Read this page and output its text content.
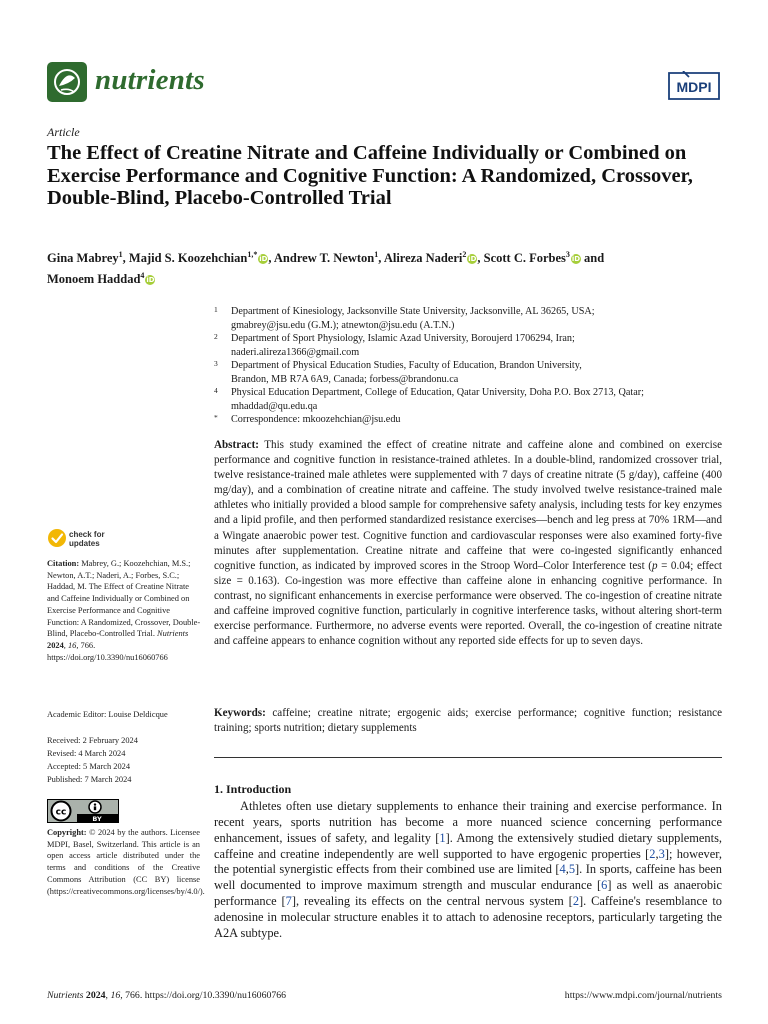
nutrients	MDPI
Article
The Effect of Creatine Nitrate and Caffeine Individually or Combined on Exercise Performance and Cognitive Function: A Randomized, Crossover, Double-Blind, Placebo-Controlled Trial
Gina Mabrey$^1$, Majid S. Koozehchian$^{1,*}$iD, Andrew T. Newton$^1$, Alireza Naderi$^2$iD, Scott C. Forbes$^3$iD and
Monoem Haddad$^4$iD
1 Department of Kinesiology, Jacksonville State University, Jacksonville, AL 36265, USA;
gmabrey@jsu.edu (G.M.); atnewton@jsu.edu (A.T.N.)
2 Department of Sport Physiology, Islamic Azad University, Boroujerd 1706294, Iran;
naderi.alireza1366@gmail.com
3 Department of Physical Education Studies, Faculty of Education, Brandon University,
Brandon, MB R7A 6A9, Canada; forbess@brandonu.ca
4 Physical Education Department, College of Education, Qatar University, Doha P.O. Box 2713, Qatar;
mhaddad@qu.edu.qa
* Correspondence: mkoozehchian@jsu.edu
check for
updates
Citation: Mabrey, G.; Koozehchian, M.S.; Newton, A.T.; Naderi, A.; Forbes, S.C.; Haddad, M. The Effect of Creatine Nitrate and Caffeine Individually or Combined on Exercise Performance and Cognitive Function: A Randomized, Crossover, Double-Blind, Placebo-Controlled Trial. Nutrients 2024, 16, 766. https://doi.org/10.3390/nu16060766
Academic Editor: Louise Deldicque
Received: 2 February 2024
Revised: 4 March 2024
Accepted: 5 March 2024
Published: 7 March 2024
cc
BY
Copyright: © 2024 by the authors. Licensee MDPI, Basel, Switzerland. This article is an open access article distributed under the terms and conditions of the Creative Commons Attribution (CC BY) license (https://creativecommons.org/licenses/by/4.0/).
Abstract: This study examined the effect of creatine nitrate and caffeine alone and combined on exercise performance and cognitive function in resistance-trained athletes. In a double-blind, randomized crossover trial, twelve resistance-trained male athletes were supplemented with 7 days of creatine nitrate (5 g/day), caffeine (400 mg/day), and a combination of creatine nitrate and caffeine. The study involved twelve resistance-trained male athletes who initially provided a blood sample for comprehensive safety analysis, including tests for key enzymes and a lipid profile, and then performed standardized resistance exercises—bench and leg press at 70% 1RM—and a Wingate anaerobic power test. Cognitive function and cardiovascular responses were also examined forty-five minutes after supplementation. Creatine nitrate and caffeine that were co-ingested significantly enhanced cognitive function, as indicated by improved scores in the Stroop Word–Color Interference test (p = 0.04; effect size = 0.163). Co-ingestion was more effective than caffeine alone in enhancing cognitive performance. In contrast, no significant enhancements in exercise performance were observed. The co-ingestion of creatine nitrate and caffeine improved cognitive function, particularly in cognitive interference tasks, without altering short-term exercise performance. Furthermore, no adverse events were reported. Overall, the co-ingestion of creatine nitrate and caffeine appears to enhance cognition without any reported side effects for up to seven days.
Keywords: caffeine; creatine nitrate; ergogenic aids; exercise performance; cognitive function; resistance training; sports nutrition; dietary supplements
1. Introduction
Athletes often use dietary supplements to enhance their training and exercise performance. In recent years, sports nutrition has become a more nuanced science concerning performance enhancement, issues of safety, and legality [1]. Among the extensively studied dietary supplements, caffeine and creatine independently are well supported to have ergogenic properties [2,3]; however, the potential synergistic effects from their combined use are limited [4,5]. In sports, caffeine has been well documented to improve maximum strength and muscular endurance [6] as well as anaerobic performance [7], revealing its effects on the central nervous system [2]. Caffeine's resemblance to adenosine in molecular structure enables it to attach to adenosine receptors, particularly targeting the A2A subtype.
Nutrients 2024, 16, 766. https://doi.org/10.3390/nu16060766	https://www.mdpi.com/journal/nutrients
